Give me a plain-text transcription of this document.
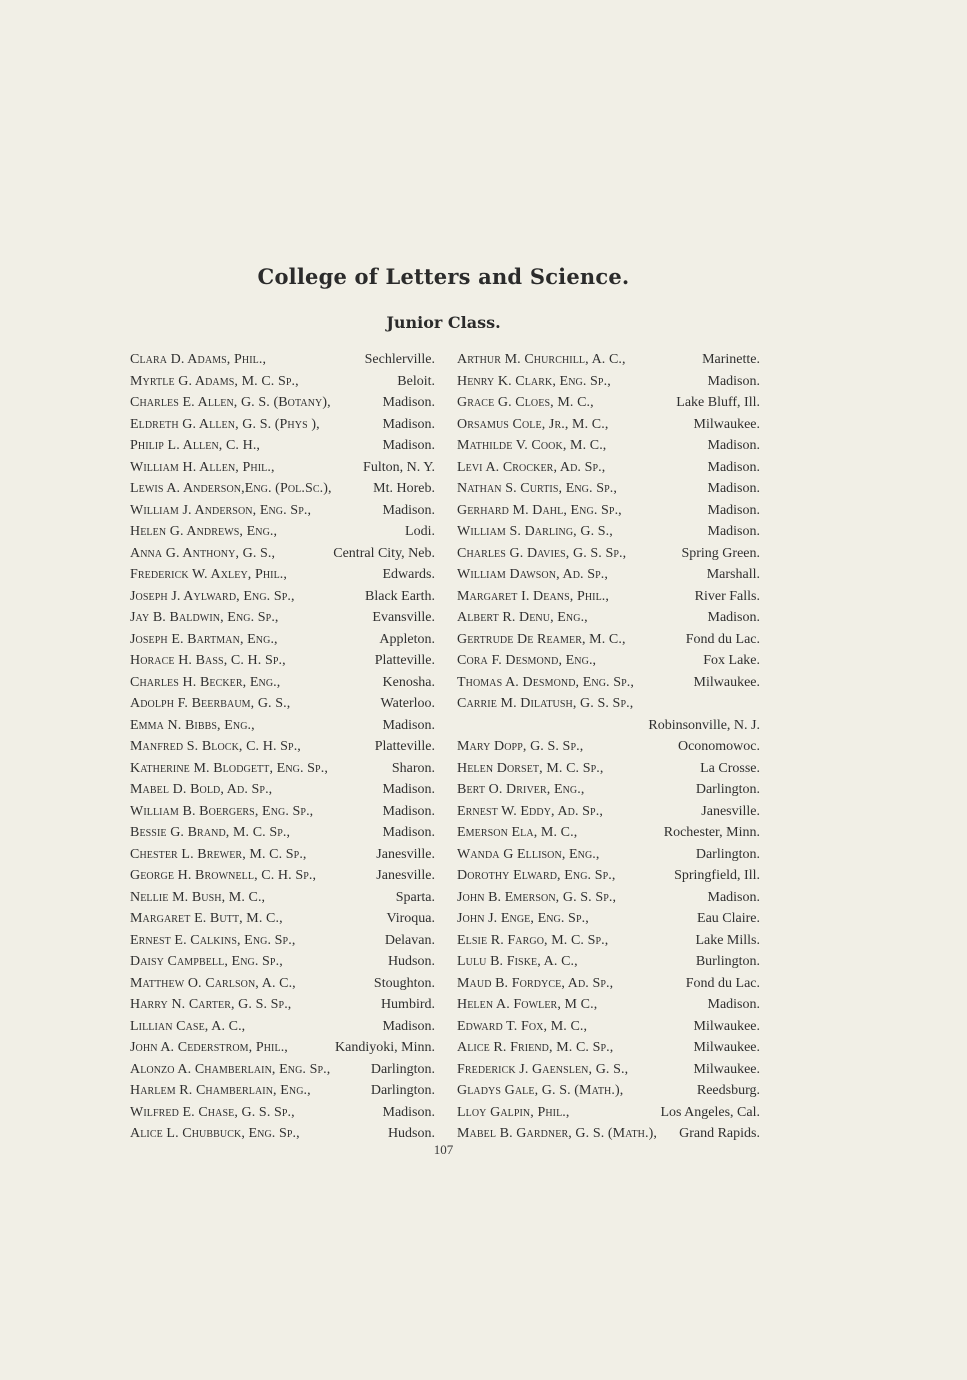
College of Letters and Science.
Junior Class.
Clara D. Adams, Phil.,	Sechlerville.
Myrtle G. Adams, M. C. Sp.,	Beloit.
Charles E. Allen, G. S. (Botany),	Madison.
Eldreth G. Allen, G. S. (Phys ),	Madison.
Philip L. Allen, C. H.,	Madison.
William H. Allen, Phil.,	Fulton, N. Y.
Lewis A. Anderson,Eng. (Pol.Sc.),	Mt. Horeb.
William J. Anderson, Eng. Sp.,	Madison.
Helen G. Andrews, Eng.,	Lodi.
Anna G. Anthony, G. S.,	Central City, Neb.
Frederick W. Axley, Phil.,	Edwards.
Joseph J. Aylward, Eng. Sp.,	Black Earth.
Jay B. Baldwin, Eng. Sp.,	Evansville.
Joseph E. Bartman, Eng.,	Appleton.
Horace H. Bass, C. H. Sp.,	Platteville.
Charles H. Becker, Eng.,	Kenosha.
Adolph F. Beerbaum, G. S.,	Waterloo.
Emma N. Bibbs, Eng.,	Madison.
Manfred S. Block, C. H. Sp.,	Platteville.
Katherine M. Blodgett, Eng. Sp.,	Sharon.
Mabel D. Bold, Ad. Sp.,	Madison.
William B. Boergers, Eng. Sp.,	Madison.
Bessie G. Brand, M. C. Sp.,	Madison.
Chester L. Brewer, M. C. Sp.,	Janesville.
George H. Brownell, C. H. Sp.,	Janesville.
Nellie M. Bush, M. C.,	Sparta.
Margaret E. Butt, M. C.,	Viroqua.
Ernest E. Calkins, Eng. Sp.,	Delavan.
Daisy Campbell, Eng. Sp.,	Hudson.
Matthew O. Carlson, A. C.,	Stoughton.
Harry N. Carter, G. S. Sp.,	Humbird.
Lillian Case, A. C.,	Madison.
John A. Cederstrom, Phil.,	Kandiyoki, Minn.
Alonzo A. Chamberlain, Eng. Sp.,	Darlington.
Harlem R. Chamberlain, Eng.,	Darlington.
Wilfred E. Chase, G. S. Sp.,	Madison.
Alice L. Chubbuck, Eng. Sp.,	Hudson.
Arthur M. Churchill, A. C.,	Marinette.
Henry K. Clark, Eng. Sp.,	Madison.
Grace G. Cloes, M. C.,	Lake Bluff, Ill.
Orsamus Cole, Jr., M. C.,	Milwaukee.
Mathilde V. Cook, M. C.,	Madison.
Levi A. Crocker, Ad. Sp.,	Madison.
Nathan S. Curtis, Eng. Sp.,	Madison.
Gerhard M. Dahl, Eng. Sp.,	Madison.
William S. Darling, G. S.,	Madison.
Charles G. Davies, G. S. Sp.,	Spring Green.
William Dawson, Ad. Sp.,	Marshall.
Margaret I. Deans, Phil.,	River Falls.
Albert R. Denu, Eng.,	Madison.
Gertrude De Reamer, M. C.,	Fond du Lac.
Cora F. Desmond, Eng.,	Fox Lake.
Thomas A. Desmond, Eng. Sp.,	Milwaukee.
Carrie M. Dilatush, G. S. Sp.,
Robinsonville, N. J.
Mary Dopp, G. S. Sp.,	Oconomowoc.
Helen Dorset, M. C. Sp.,	La Crosse.
Bert O. Driver, Eng.,	Darlington.
Ernest W. Eddy, Ad. Sp.,	Janesville.
Emerson Ela, M. C.,	Rochester, Minn.
Wanda G Ellison, Eng.,	Darlington.
Dorothy Elward, Eng. Sp.,	Springfield, Ill.
John B. Emerson, G. S. Sp.,	Madison.
John J. Enge, Eng. Sp.,	Eau Claire.
Elsie R. Fargo, M. C. Sp.,	Lake Mills.
Lulu B. Fiske, A. C.,	Burlington.
Maud B. Fordyce, Ad. Sp.,	Fond du Lac.
Helen A. Fowler, M C.,	Madison.
Edward T. Fox, M. C.,	Milwaukee.
Alice R. Friend, M. C. Sp.,	Milwaukee.
Frederick J. Gaenslen, G. S.,	Milwaukee.
Gladys Gale, G. S. (Math.),	Reedsburg.
Lloy Galpin, Phil.,	Los Angeles, Cal.
Mabel B. Gardner, G. S. (Math.), Grand Rapids.
107
